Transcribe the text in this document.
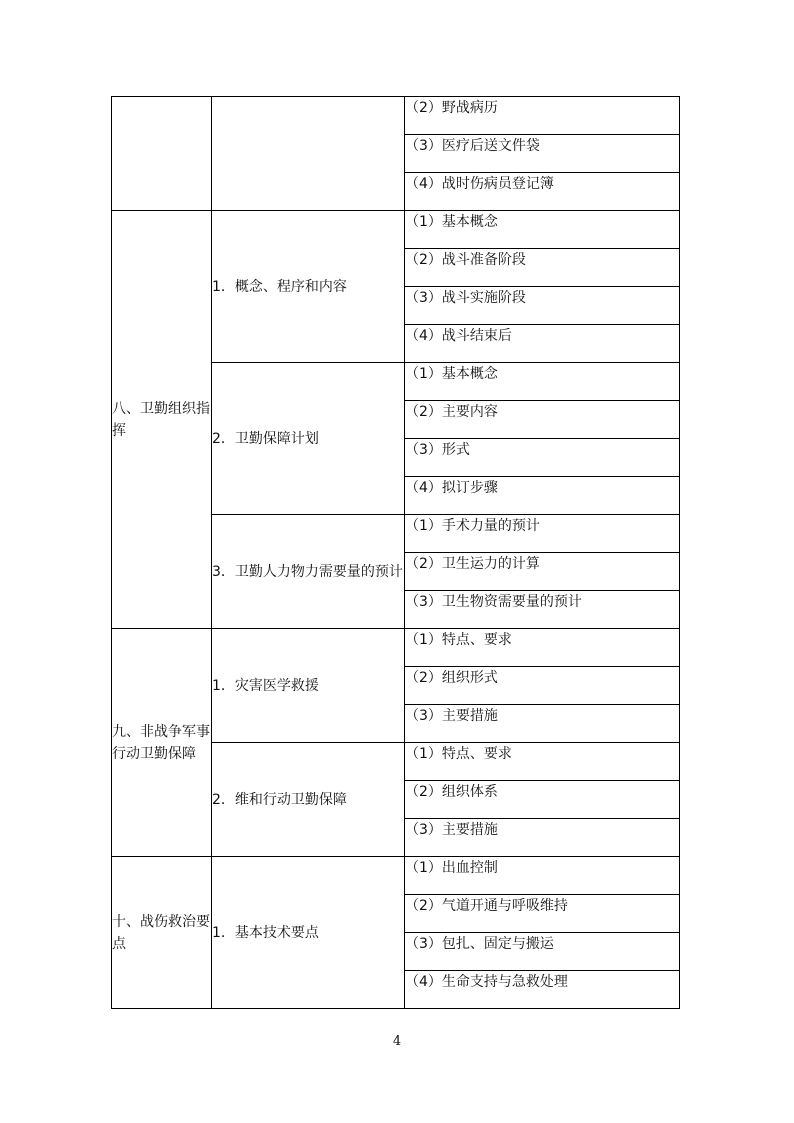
		（2）野战病历
		（3）医疗后送文件袋
		（4）战时伤病员登记簿
八、卫勤组织指挥	1．概念、程序和内容	（1）基本概念
		（2）战斗准备阶段
		（3）战斗实施阶段
		（4）战斗结束后
	2．卫勤保障计划	（1）基本概念
		（2）主要内容
		（3）形式
		（4）拟订步骤
	3．卫勤人力物力需要量的预计	（1）手术力量的预计
		（2）卫生运力的计算
		（3）卫生物资需要量的预计
九、非战争军事行动卫勤保障	1．灾害医学救援	（1）特点、要求
		（2）组织形式
		（3）主要措施
	2．维和行动卫勤保障	（1）特点、要求
		（2）组织体系
		（3）主要措施
十、战伤救治要点	1．基本技术要点	（1）出血控制
		（2）气道开通与呼吸维持
		（3）包扎、固定与搬运
		（4）生命支持与急救处理
4
